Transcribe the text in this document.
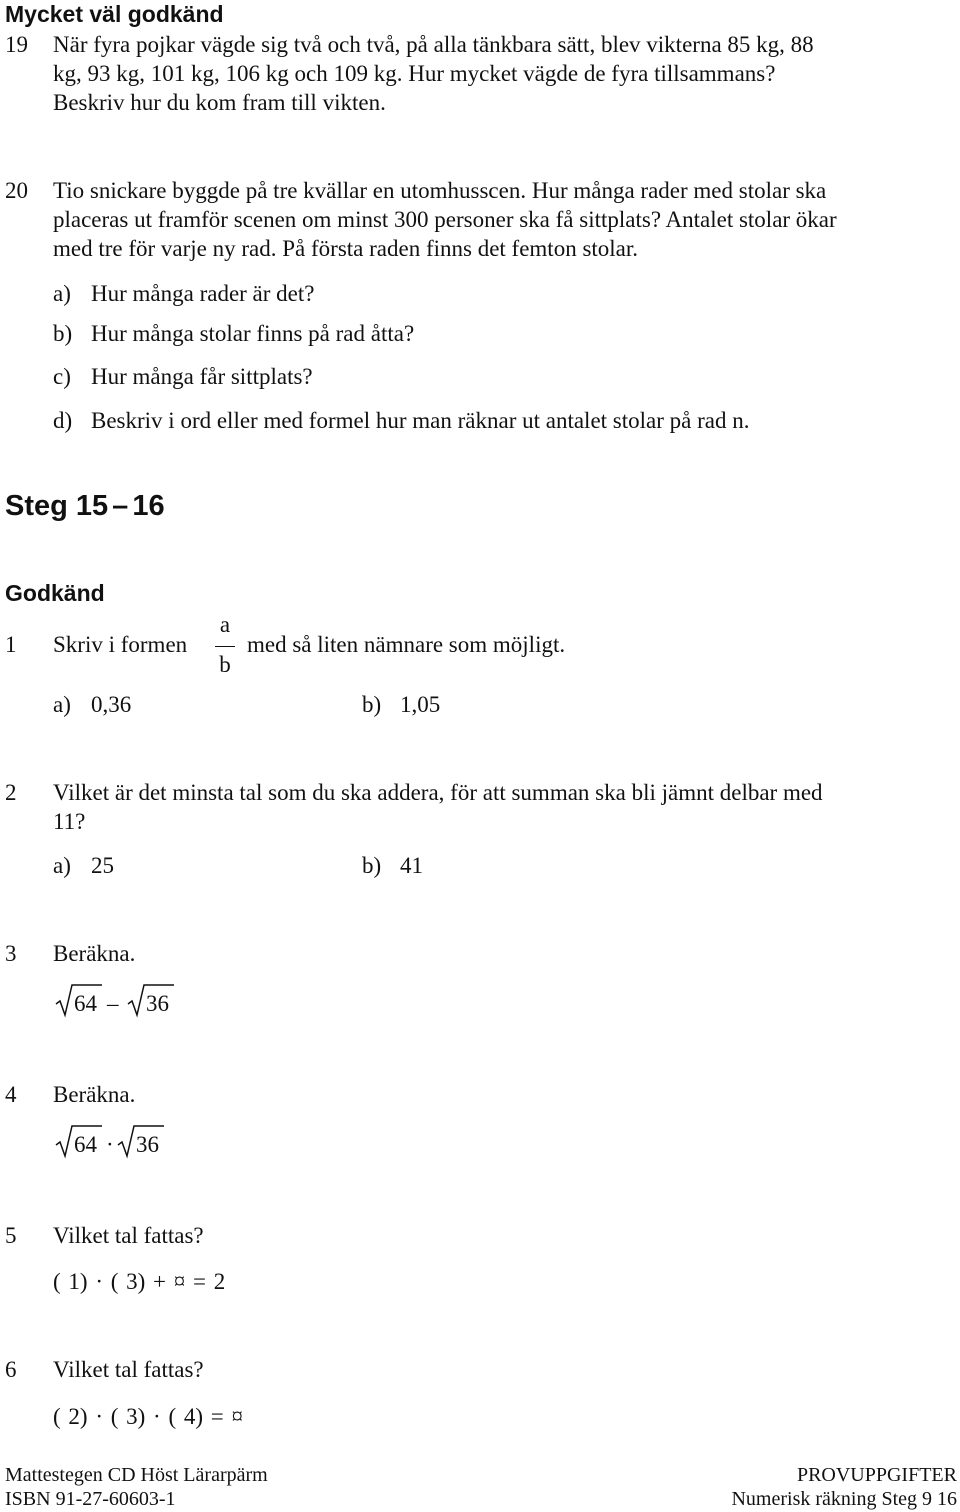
Mycket väl godkänd
19 När fyra pojkar vägde sig två och två, på alla tänkbara sätt, blev vikterna 85 kg, 88
kg, 93 kg, 101 kg, 106 kg och 109 kg. Hur mycket vägde de fyra tillsammans?
Beskriv hur du kom fram till vikten.
20 Tio snickare byggde på tre kvällar en utomhusscen. Hur många rader med stolar ska
placeras ut framför scenen om minst 300 personer ska få sittplats? Antalet stolar ökar
med tre för varje ny rad. På första raden finns det femton stolar.
a) Hur många rader är det?
b) Hur många stolar finns på rad åtta?
c) Hur många får sittplats?
d) Beskriv i ord eller med formel hur man räknar ut antalet stolar på rad n.
Steg 15 – 16
Godkänd
1 Skriv i formen
a
b
med så liten nämnare som möjligt.
a) 0,36	b) 1,05
2 Vilket är det minsta tal som du ska addera, för att summan ska bli jämnt delbar med
11?
a) 25	b) 41
3 Beräkna.
64 – 36
4 Beräkna.
64 · 36
5 Vilket tal fattas?
( 1) · ( 3) + ¤ = 2
6 Vilket tal fattas?
( 2) · ( 3) · ( 4) = ¤
Mattestegen CD Höst Lärarpärm
ISBN 91-27-60603-1
PROVUPPGIFTER
Numerisk räkning Steg 9 16
